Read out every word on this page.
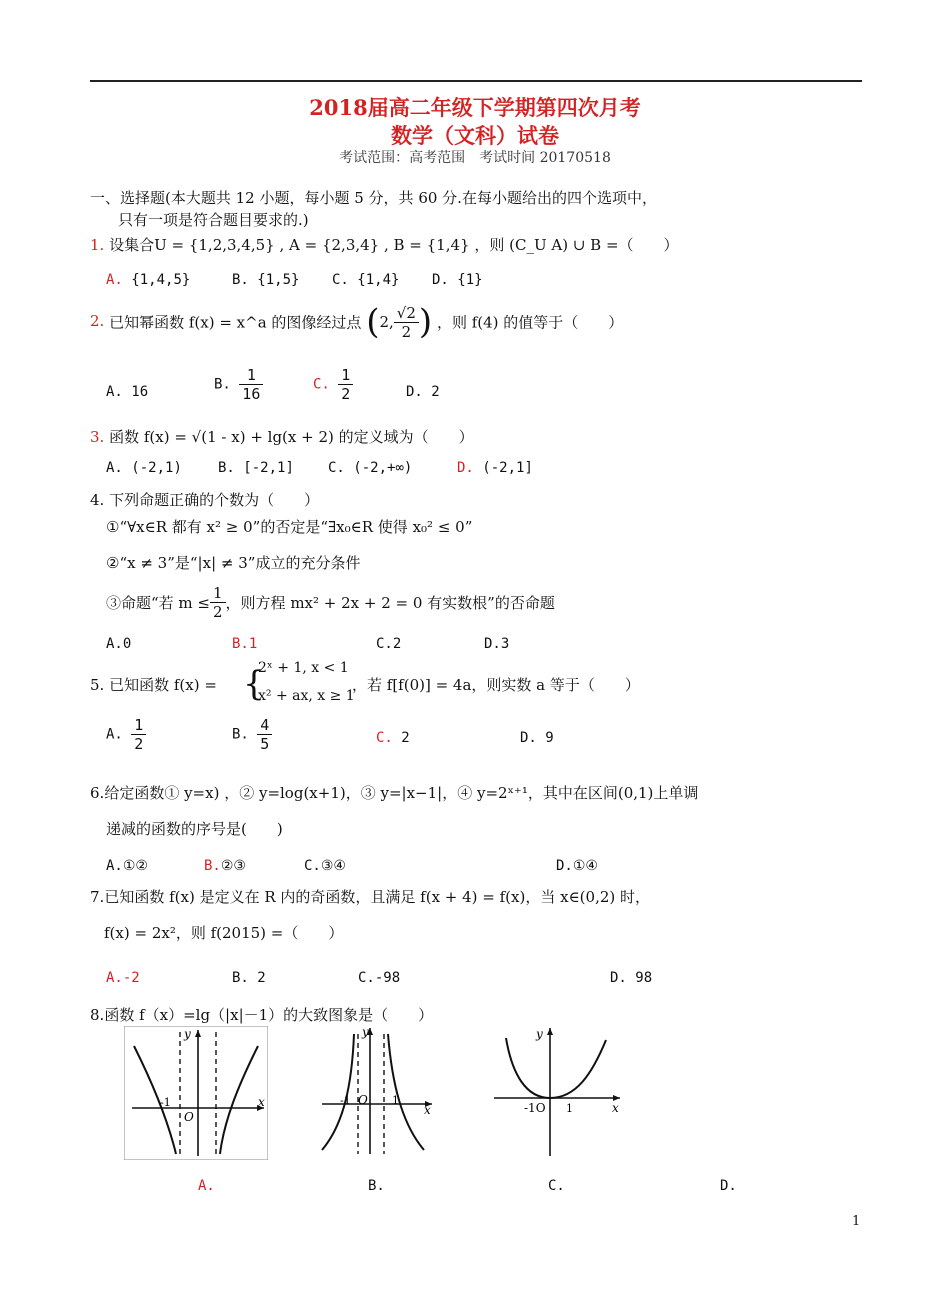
2018届高二年级下学期第四次月考
数学（文科）试卷
考试范围：高考范围　考试时间 20170518
一、选择题(本大题共 12 小题，每小题 5 分，共 60 分.在每小题给出的四个选项中，
只有一项是符合题目要求的.)
1. 设集合U = {1,2,3,4,5} , A = {2,3,4} , B = {1,4} ，则 (C_U A) ∪ B =（　　）
A. {1,4,5}	B. {1,5} C. {1,4} D. {1}
2. 已知幂函数 f(x) = x^a 的图像经过点 (2, $\frac{√2}{2}$ ) ，则 f(4) 的值等于（　　）
A. 16	B. $\frac{1}{16}$	C. $\frac{1}{2}$	D. 2
3. 函数 f(x) = √(1 - x) + lg(x + 2) 的定义域为（　　）
A. (-2,1)	B. [-2,1] C. (-2,+∞)	D. (-2,1]
4. 下列命题正确的个数为（　　）
①“∀x∈R 都有 x² ≥ 0”的否定是“∃x₀∈R 使得 x₀² ≤ 0”
②“x ≠ 3”是“|x| ≠ 3”成立的充分条件
③命题“若 $m \le \frac{1}{2}$ ，则方程 mx² + 2x + 2 = 0 有实数根”的否命题
A.0	B.1	C.2	D.3
5. 已知函数 f(x) = {
2ˣ + 1, x < 1
x² + ax, x ≥ 1
，若 f[f(0)] = 4a，则实数 a 等于（　　）
A. $\frac{1}{2}$	B. $\frac{4}{5}$	C. 2	D. 9
6.给定函数① y=x) ，② y=log(x+1)，③ y=|x−1|，④ y=2ˣ⁺¹，其中在区间(0,1)上单调
递减的函数的序号是(　　)
A.①②	B.②③	C.③④	D.①④
7.已知函数 f(x) 是定义在 R 内的奇函数，且满足 f(x + 4) = f(x)，当 x∈(0,2) 时，
f(x) = 2x²，则 f(2015) =（　　）
A.-2	B. 2	C.-98	D. 98
8.函数 f（x）=lg（|x|－1）的大致图象是（　　）
y
x
O
-1
y
x
O
-1	1
y
x
-1O 1
A.	B.	C.	D.
1
